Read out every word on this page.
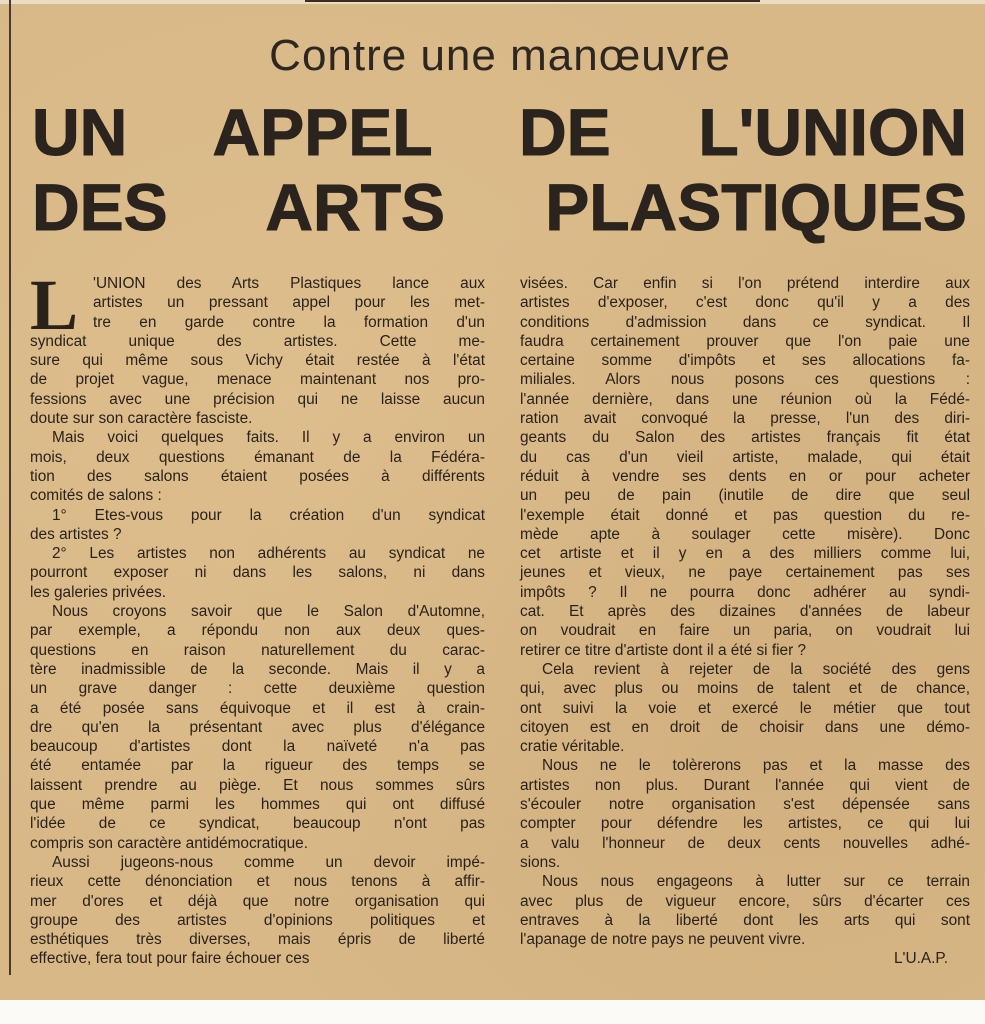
Contre une manœuvre
UN APPEL DE L'UNION
DES ARTS PLASTIQUES
L 'UNION des Arts Plastiques lance aux
artistes un pressant appel pour les met-
tre en garde contre la formation d'un
syndicat unique des artistes. Cette me-
sure qui même sous Vichy était restée à l'état
de projet vague, menace maintenant nos pro-
fessions avec une précision qui ne laisse aucun
doute sur son caractère fasciste.
Mais voici quelques faits. Il y a environ un
mois, deux questions émanant de la Fédéra-
tion des salons étaient posées à différents
comités de salons :
1° Etes-vous pour la création d'un syndicat
des artistes ?
2° Les artistes non adhérents au syndicat ne
pourront exposer ni dans les salons, ni dans
les galeries privées.
Nous croyons savoir que le Salon d'Automne,
par exemple, a répondu non aux deux ques-
questions en raison naturellement du carac-
tère inadmissible de la seconde. Mais il y a
un grave danger : cette deuxième question
a été posée sans équivoque et il est à crain-
dre qu'en la présentant avec plus d'élégance
beaucoup d'artistes dont la naïveté n'a pas
été entamée par la rigueur des temps se
laissent prendre au piège. Et nous sommes sûrs
que même parmi les hommes qui ont diffusé
l'idée de ce syndicat, beaucoup n'ont pas
compris son caractère antidémocratique.
Aussi jugeons-nous comme un devoir impé-
rieux cette dénonciation et nous tenons à affir-
mer d'ores et déjà que notre organisation qui
groupe des artistes d'opinions politiques et
esthétiques très diverses, mais épris de liberté
effective, fera tout pour faire échouer ces
visées. Car enfin si l'on prétend interdire aux
artistes d'exposer, c'est donc qu'il y a des
conditions d'admission dans ce syndicat. Il
faudra certainement prouver que l'on paie une
certaine somme d'impôts et ses allocations fa-
miliales. Alors nous posons ces questions :
l'année dernière, dans une réunion où la Fédé-
ration avait convoqué la presse, l'un des diri-
geants du Salon des artistes français fit état
du cas d'un vieil artiste, malade, qui était
réduit à vendre ses dents en or pour acheter
un peu de pain (inutile de dire que seul
l'exemple était donné et pas question du re-
mède apte à soulager cette misère). Donc
cet artiste et il y en a des milliers comme lui,
jeunes et vieux, ne paye certainement pas ses
impôts ? Il ne pourra donc adhérer au syndi-
cat. Et après des dizaines d'années de labeur
on voudrait en faire un paria, on voudrait lui
retirer ce titre d'artiste dont il a été si fier ?
Cela revient à rejeter de la société des gens
qui, avec plus ou moins de talent et de chance,
ont suivi la voie et exercé le métier que tout
citoyen est en droit de choisir dans une démo-
cratie véritable.
Nous ne le tolèrerons pas et la masse des
artistes non plus. Durant l'année qui vient de
s'écouler notre organisation s'est dépensée sans
compter pour défendre les artistes, ce qui lui
a valu l'honneur de deux cents nouvelles adhé-
sions.
Nous nous engageons à lutter sur ce terrain
avec plus de vigueur encore, sûrs d'écarter ces
entraves à la liberté dont les arts qui sont
l'apanage de notre pays ne peuvent vivre.
L'U.A.P.
